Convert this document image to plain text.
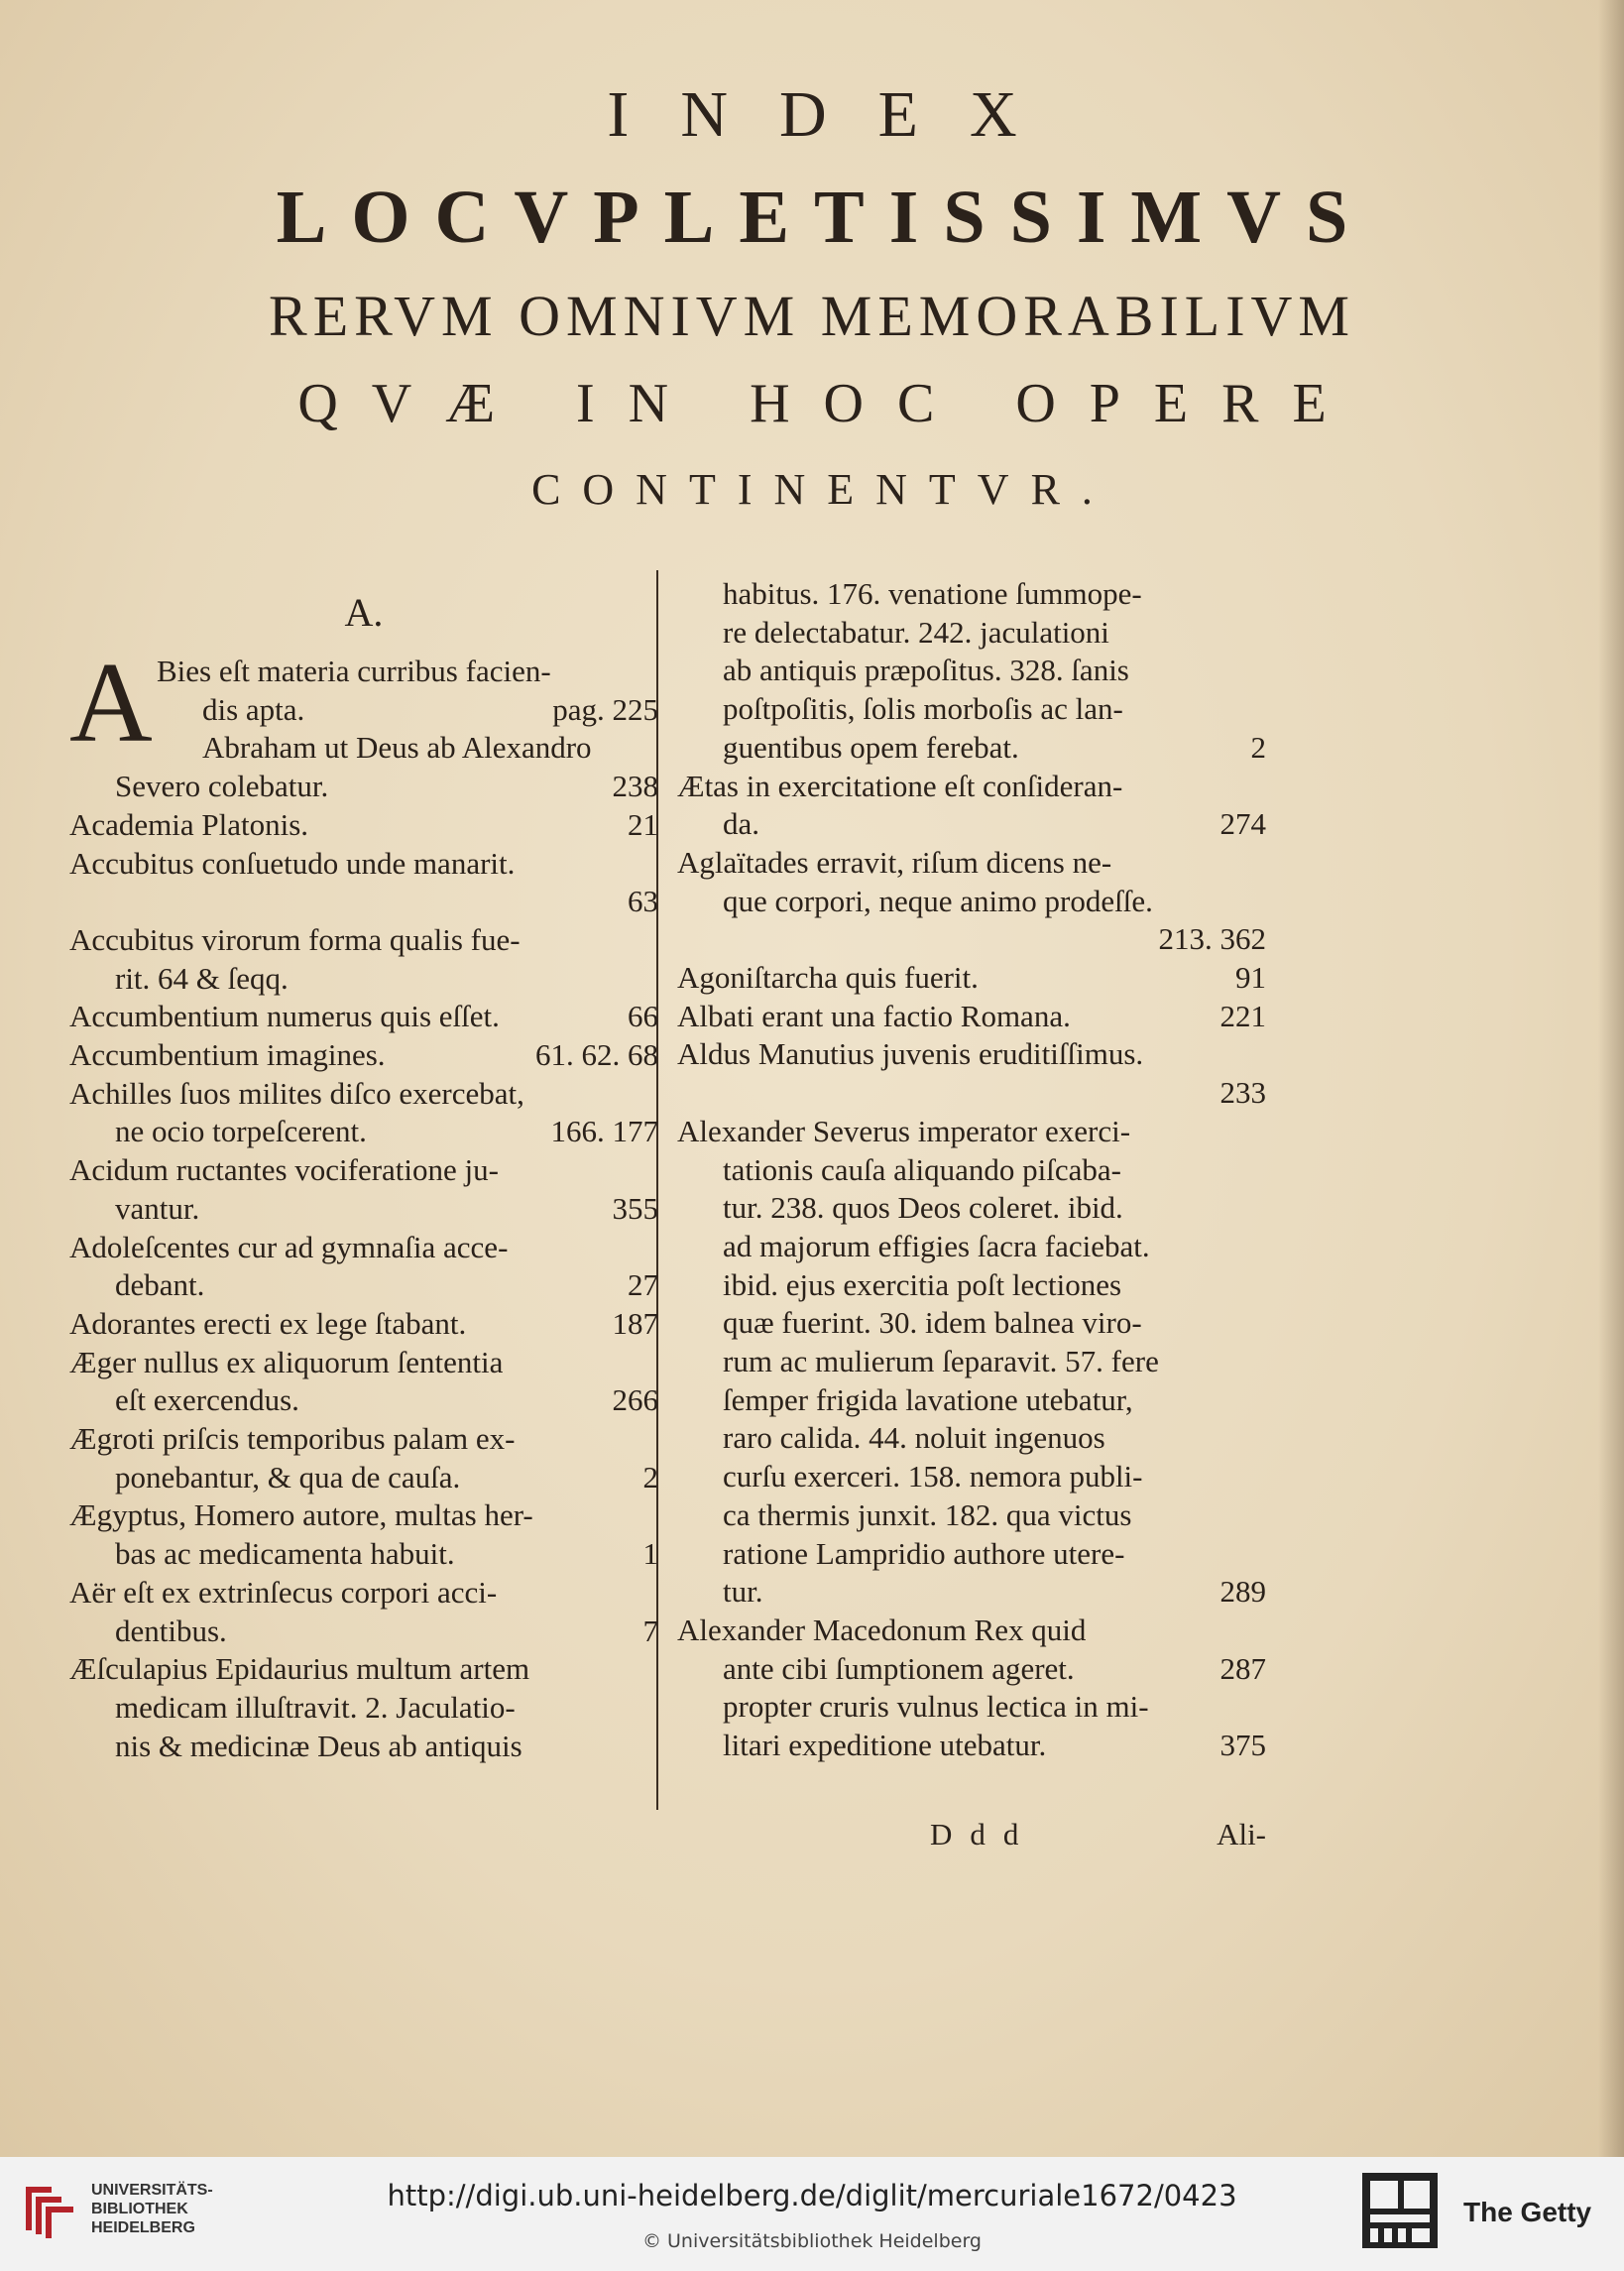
INDEX
LOCVPLETISSIMVS
RERVM OMNIVM MEMORABILIVM
QVÆ IN HOC OPERE
CONTINENTVR.
A.
A Bies eſt materia curribus facien-
dis apta.	pag. 225
Abraham ut Deus ab Alexandro
Severo colebatur.	238
Academia Platonis.	21
Accubitus conſuetudo unde manarit.
63
Accubitus virorum forma qualis fue-
rit. 64 & ſeqq.
Accumbentium numerus quis eſſet.	66
Accumbentium imagines.	61. 62. 68
Achilles ſuos milites diſco exercebat,
ne ocio torpeſcerent.	166. 177
Acidum ructantes vociferatione ju-
vantur.	355
Adoleſcentes cur ad gymnaſia acce-
debant.	27
Adorantes erecti ex lege ſtabant.	187
Æger nullus ex aliquorum ſententia
eſt exercendus.	266
Ægroti priſcis temporibus palam ex-
ponebantur, & qua de cauſa.	2
Ægyptus, Homero autore, multas her-
bas ac medicamenta habuit.	1
Aër eſt ex extrinſecus corpori acci-
dentibus.	7
Æſculapius Epidaurius multum artem
medicam illuſtravit. 2. Jaculatio-
nis & medicinæ Deus ab antiquis
habitus. 176. venatione ſummope-
re delectabatur. 242. jaculationi
ab antiquis præpoſitus. 328. ſanis
poſtpoſitis, ſolis morboſis ac lan-
guentibus opem ferebat.	2
Ætas in exercitatione eſt conſideran-
da.	274
Aglaïtades erravit, riſum dicens ne-
que corpori, neque animo prodeſſe.
213. 362
Agoniſtarcha quis fuerit.	91
Albati erant una factio Romana.	221
Aldus Manutius juvenis eruditiſſimus.
233
Alexander Severus imperator exerci-
tationis cauſa aliquando piſcaba-
tur. 238. quos Deos coleret. ibid.
ad majorum effigies ſacra faciebat.
ibid. ejus exercitia poſt lectiones
quæ fuerint. 30. idem balnea viro-
rum ac mulierum ſeparavit. 57. fere
ſemper frigida lavatione utebatur,
raro calida. 44. noluit ingenuos
curſu exerceri. 158. nemora publi-
ca thermis junxit. 182. qua victus
ratione Lampridio authore utere-
tur.	289
Alexander Macedonum Rex quid
ante cibi ſumptionem ageret.	287
propter cruris vulnus lectica in mi-
litari expeditione utebatur.	375
Ddd	Ali-
UNIVERSITÄTS-
BIBLIOTHEK
HEIDELBERG
http://digi.ub.uni-heidelberg.de/diglit/mercuriale1672/0423
© Universitätsbibliothek Heidelberg
The Getty
